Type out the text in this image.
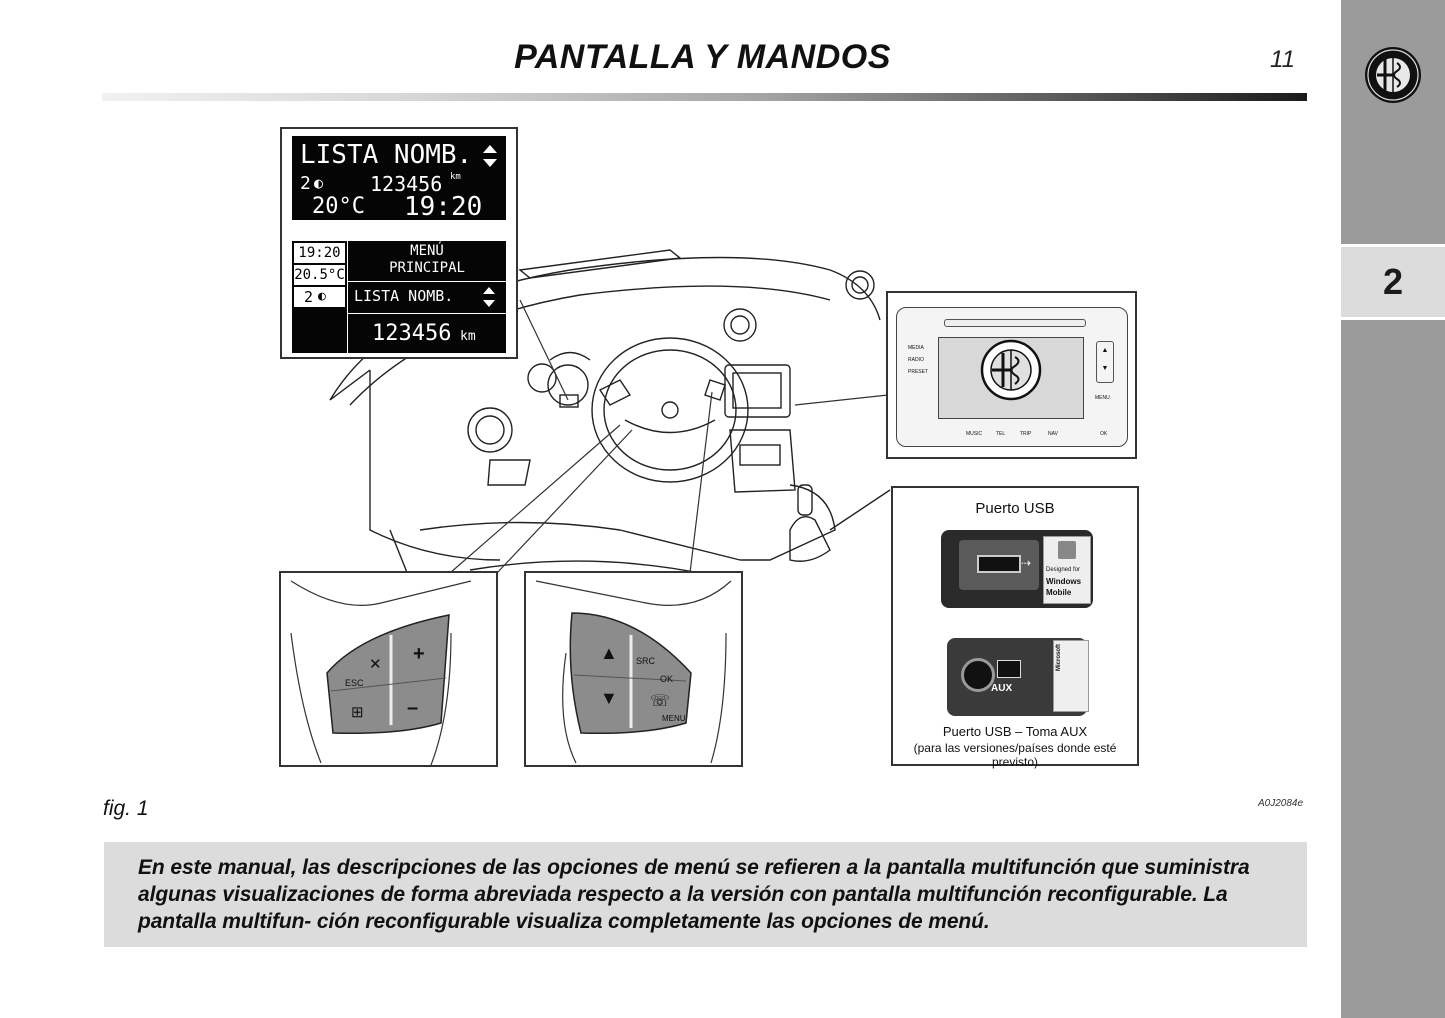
PANTALLA Y MANDOS	11
2
LISTA NOMB.
2 ◐ 123456 km
20°C 19:20
19:20
20.5°C
2 ◐
MENÚ
PRINCIPAL
LISTA NOMB.
123456 km
MEDIA
RADIO
PRESET
▲
▼
MENU
MUSIC	TEL	TRIP	NAV	OK
Puerto USB
⇢ Designed for
Windows
Mobile
AUX
Microsoft
Puerto USB – Toma AUX
(para las versiones/países donde esté previsto)
✕ +
ESC
⊞ –
▲
▼
SRC
OK
☏
MENU
fig. 1	A0J2084e
En este manual, las descripciones de las opciones de menú se refieren a la pantalla multifunción que suministra algunas visualizaciones de forma abreviada respecto a la versión con pantalla multifunción reconfigurable. La pantalla multifun- ción reconfigurable visualiza completamente las opciones de menú.
